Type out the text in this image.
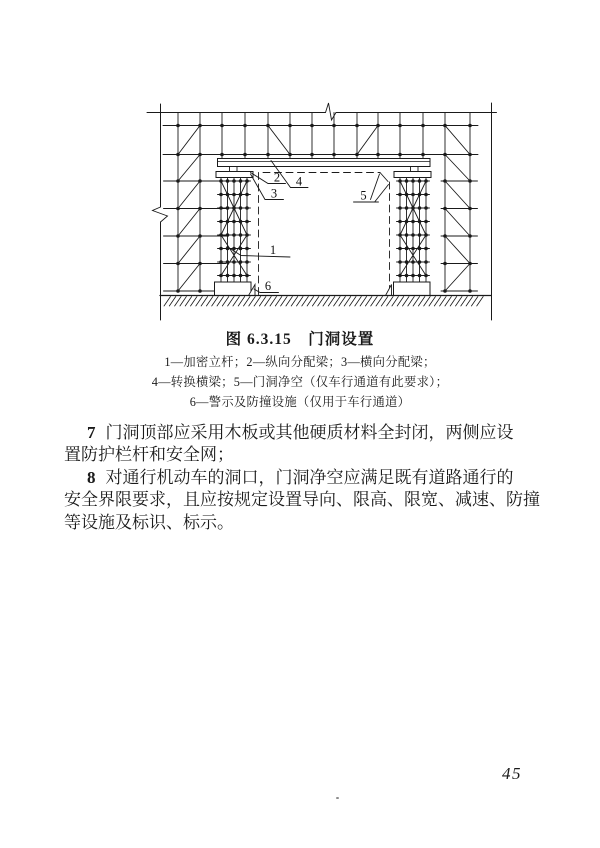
1
2
3
4
5
6
图 6.3.15　门洞设置
1—加密立杆；2—纵向分配梁；3—横向分配梁；
4—转换横梁；5—门洞净空（仅车行通道有此要求）；
6—警示及防撞设施（仅用于车行通道）
7 门洞顶部应采用木板或其他硬质材料全封闭，两侧应设
置防护栏杆和安全网；
8 对通行机动车的洞口，门洞净空应满足既有道路通行的
安全界限要求，且应按规定设置导向、限高、限宽、减速、防撞
等设施及标识、标示。
45
